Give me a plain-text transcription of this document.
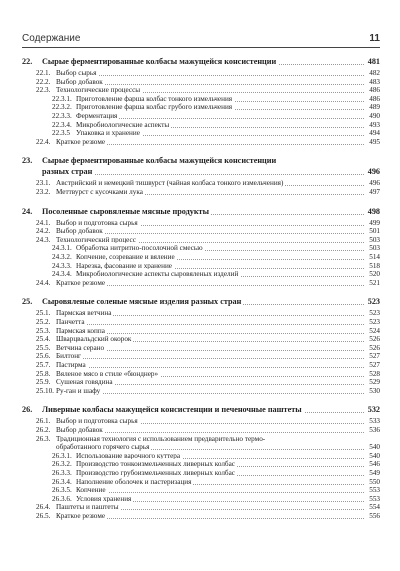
Содержание	11
22. Сырые ферментированные колбасы мажущейся консистенции	481
22.1. Выбор сырья	482
22.2. Выбор добавок	483
22.3. Технологические процессы	486
22.3.1. Приготовление фарша колбас тонкого измельчения	486
22.3.2. Приготовление фарша колбас грубого измельчения	489
22.3.3. Ферментация	490
22.3.4. Микробиологические аспекты	493
22.3.5 Упаковка и хранение	494
22.4. Краткое резюме	495
23. Сырые ферментированные колбасы мажущейся консистенции
разных стран	496
23.1. Австрийский и немецкий тишвурст (чайная колбаса тонкого измельчения)	496
23.2. Меттвурст с кусочками лука	497
24. Посоленные сыровяленые мясные продукты	498
24.1. Выбор и подготовка сырья	499
24.2. Выбор добавок	501
24.3. Технологический процесс	503
24.3.1. Обработка нитритно-посолочной смесью	503
24.3.2. Копчение, созревание и вяление	514
24.3.3. Нарезка, фасование и хранение	518
24.3.4. Микробиологические аспекты сыровяленых изделий	520
24.4. Краткое резюме	521
25. Сыровяленые соленые мясные изделия разных стран	523
25.1. Пармская ветчина	523
25.2. Панчетта	523
25.3. Пармская коппа	524
25.4. Шварцвальдский окорок	526
25.5. Ветчина серано	526
25.6. Билтонг	527
25.7. Пастирма	527
25.8. Вяленое мясо в стиле «бюнднер»	528
25.9. Сушеная говядина	529
25.10. Ру-ган и шафу	530
26. Ливерные колбасы мажущейся консистенции и печеночные паштеты	532
26.1. Выбор и подготовка сырья	533
26.2. Выбор добавок	536
26.3. Традиционная технология с использованием предварительно термо-
обработанного горячего сырья	540
26.3.1. Использование варочного куттера	540
26.3.2. Производство тонкоизмельченных ливерных колбас	546
26.3.3. Производство грубоизмельченных ливерных колбас	549
26.3.4. Наполнение оболочек и пастеризация	550
26.3.5. Копчение	553
26.3.6. Условия хранения	553
26.4. Паштеты и паштеты	554
26.5. Краткое резюме	556
